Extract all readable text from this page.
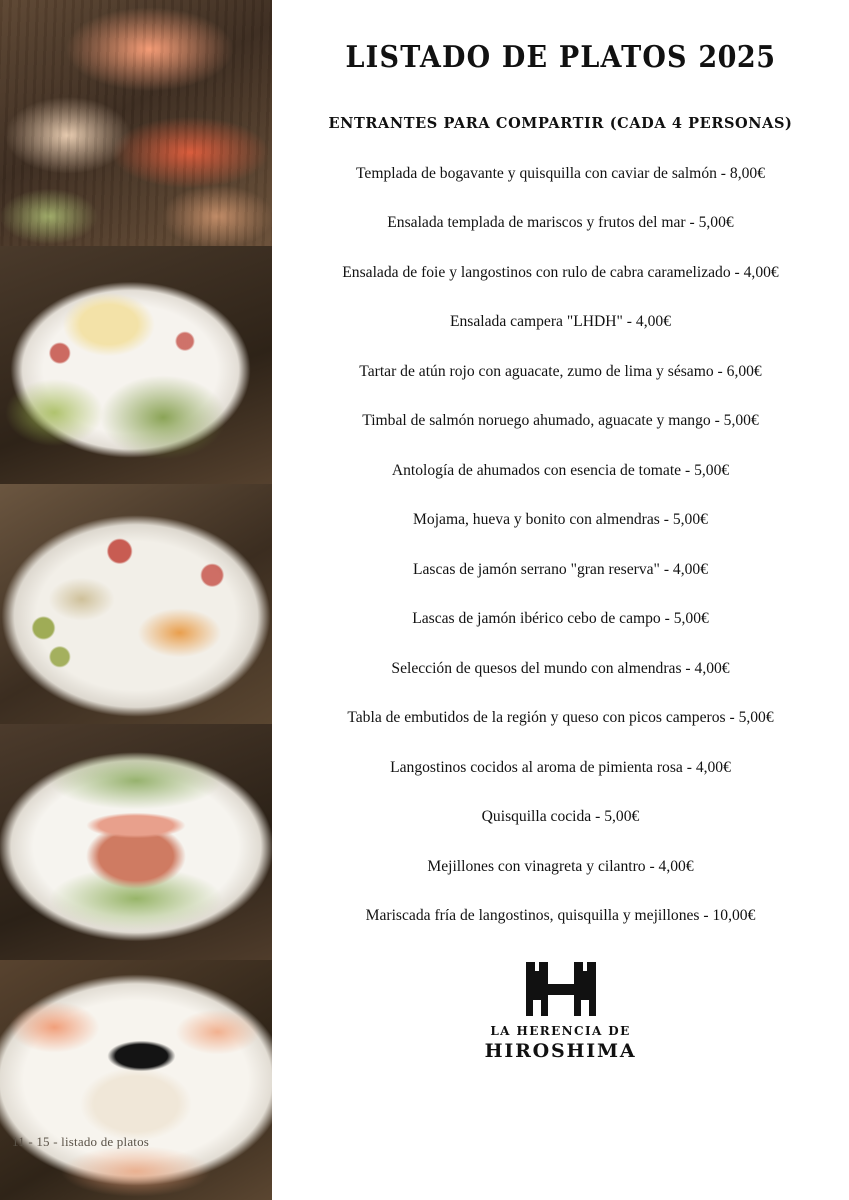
11 - 15 - listado de platos
LISTADO DE PLATOS 2025
ENTRANTES PARA COMPARTIR (CADA 4 PERSONAS)
Templada de bogavante y quisquilla con caviar de salmón - 8,00€
Ensalada templada de mariscos y frutos del mar - 5,00€
Ensalada de foie y langostinos con rulo de cabra caramelizado - 4,00€
Ensalada campera "LHDH" - 4,00€
Tartar de atún rojo con aguacate, zumo de lima y sésamo - 6,00€
Timbal de salmón noruego ahumado, aguacate y mango - 5,00€
Antología de ahumados con esencia de tomate - 5,00€
Mojama, hueva y bonito con almendras - 5,00€
Lascas de jamón serrano "gran reserva" - 4,00€
Lascas de jamón ibérico cebo de campo - 5,00€
Selección de quesos del mundo con almendras - 4,00€
Tabla de embutidos de la región y queso con picos camperos - 5,00€
Langostinos cocidos al aroma de pimienta rosa - 4,00€
Quisquilla cocida - 5,00€
Mejillones con vinagreta y cilantro - 4,00€
Mariscada fría de langostinos, quisquilla y mejillones - 10,00€
LA HERENCIA DE
HIROSHIMA
